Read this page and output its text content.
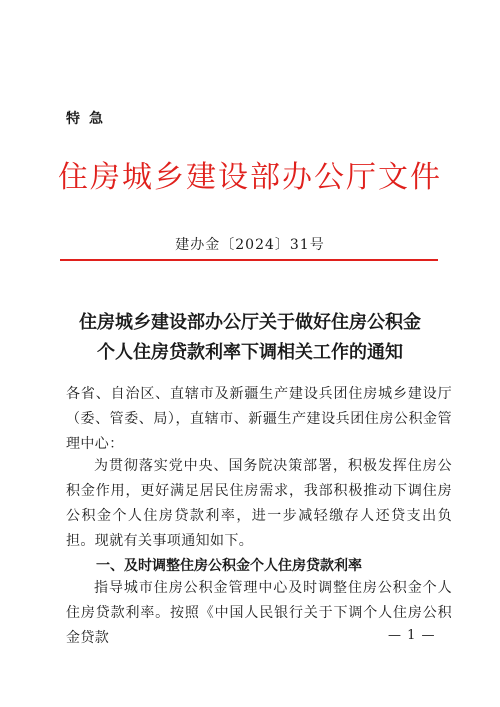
特急
住房城乡建设部办公厅文件
建办金〔2024〕31号
住房城乡建设部办公厅关于做好住房公积金
个人住房贷款利率下调相关工作的通知
各省、自治区、直辖市及新疆生产建设兵团住房城乡建设厅（委、管委、局），直辖市、新疆生产建设兵团住房公积金管理中心：
为贯彻落实党中央、国务院决策部署，积极发挥住房公积金作用，更好满足居民住房需求，我部积极推动下调住房公积金个人住房贷款利率，进一步减轻缴存人还贷支出负担。现就有关事项通知如下。
一、及时调整住房公积金个人住房贷款利率
指导城市住房公积金管理中心及时调整住房公积金个人住房贷款利率。按照《中国人民银行关于下调个人住房公积金贷款	— 1 —
